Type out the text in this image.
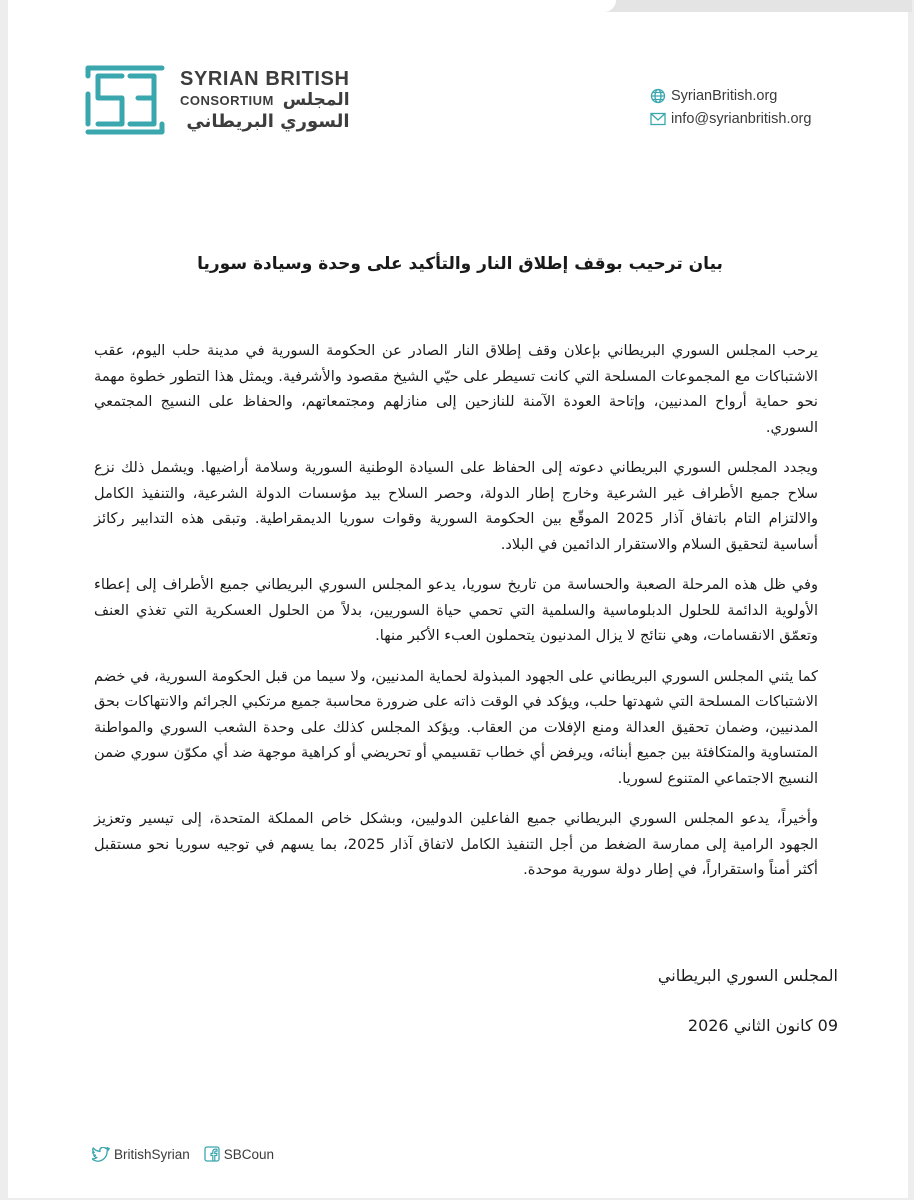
SYRIAN BRITISH
CONSORTIUM المجلس
السوري البريطاني
SyrianBritish.org
info@syrianbritish.org
بيان ترحيب بوقف إطلاق النار والتأكيد على وحدة وسيادة سوريا

يرحب المجلس السوري البريطاني بإعلان وقف إطلاق النار الصادر عن الحكومة السورية في مدينة حلب اليوم، عقب الاشتباكات مع المجموعات المسلحة التي كانت تسيطر على حيّي الشيخ مقصود والأشرفية. ويمثل هذا التطور خطوة مهمة نحو حماية أرواح المدنيين، وإتاحة العودة الآمنة للنازحين إلى منازلهم ومجتمعاتهم، والحفاظ على النسيج المجتمعي السوري.

ويجدد المجلس السوري البريطاني دعوته إلى الحفاظ على السيادة الوطنية السورية وسلامة أراضيها. ويشمل ذلك نزع سلاح جميع الأطراف غير الشرعية وخارج إطار الدولة، وحصر السلاح بيد مؤسسات الدولة الشرعية، والتنفيذ الكامل والالتزام التام باتفاق آذار 2025 الموقّع بين الحكومة السورية وقوات سوريا الديمقراطية. وتبقى هذه التدابير ركائز أساسية لتحقيق السلام والاستقرار الدائمين في البلاد.

وفي ظل هذه المرحلة الصعبة والحساسة من تاريخ سوريا، يدعو المجلس السوري البريطاني جميع الأطراف إلى إعطاء الأولوية الدائمة للحلول الدبلوماسية والسلمية التي تحمي حياة السوريين، بدلاً من الحلول العسكرية التي تغذي العنف وتعمّق الانقسامات، وهي نتائج لا يزال المدنيون يتحملون العبء الأكبر منها.

كما يثني المجلس السوري البريطاني على الجهود المبذولة لحماية المدنيين، ولا سيما من قبل الحكومة السورية، في خضم الاشتباكات المسلحة التي شهدتها حلب، ويؤكد في الوقت ذاته على ضرورة محاسبة جميع مرتكبي الجرائم والانتهاكات بحق المدنيين، وضمان تحقيق العدالة ومنع الإفلات من العقاب. ويؤكد المجلس كذلك على وحدة الشعب السوري والمواطنة المتساوية والمتكافئة بين جميع أبنائه، ويرفض أي خطاب تقسيمي أو تحريضي أو كراهية موجهة ضد أي مكوّن سوري ضمن النسيج الاجتماعي المتنوع لسوريا.

وأخيراً، يدعو المجلس السوري البريطاني جميع الفاعلين الدوليين، وبشكل خاص المملكة المتحدة، إلى تيسير وتعزيز الجهود الرامية إلى ممارسة الضغط من أجل التنفيذ الكامل لاتفاق آذار 2025، بما يسهم في توجيه سوريا نحو مستقبل أكثر أمناً واستقراراً، في إطار دولة سورية موحدة.

المجلس السوري البريطاني
09 كانون الثاني 2026
BritishSyrian	SBCoun
